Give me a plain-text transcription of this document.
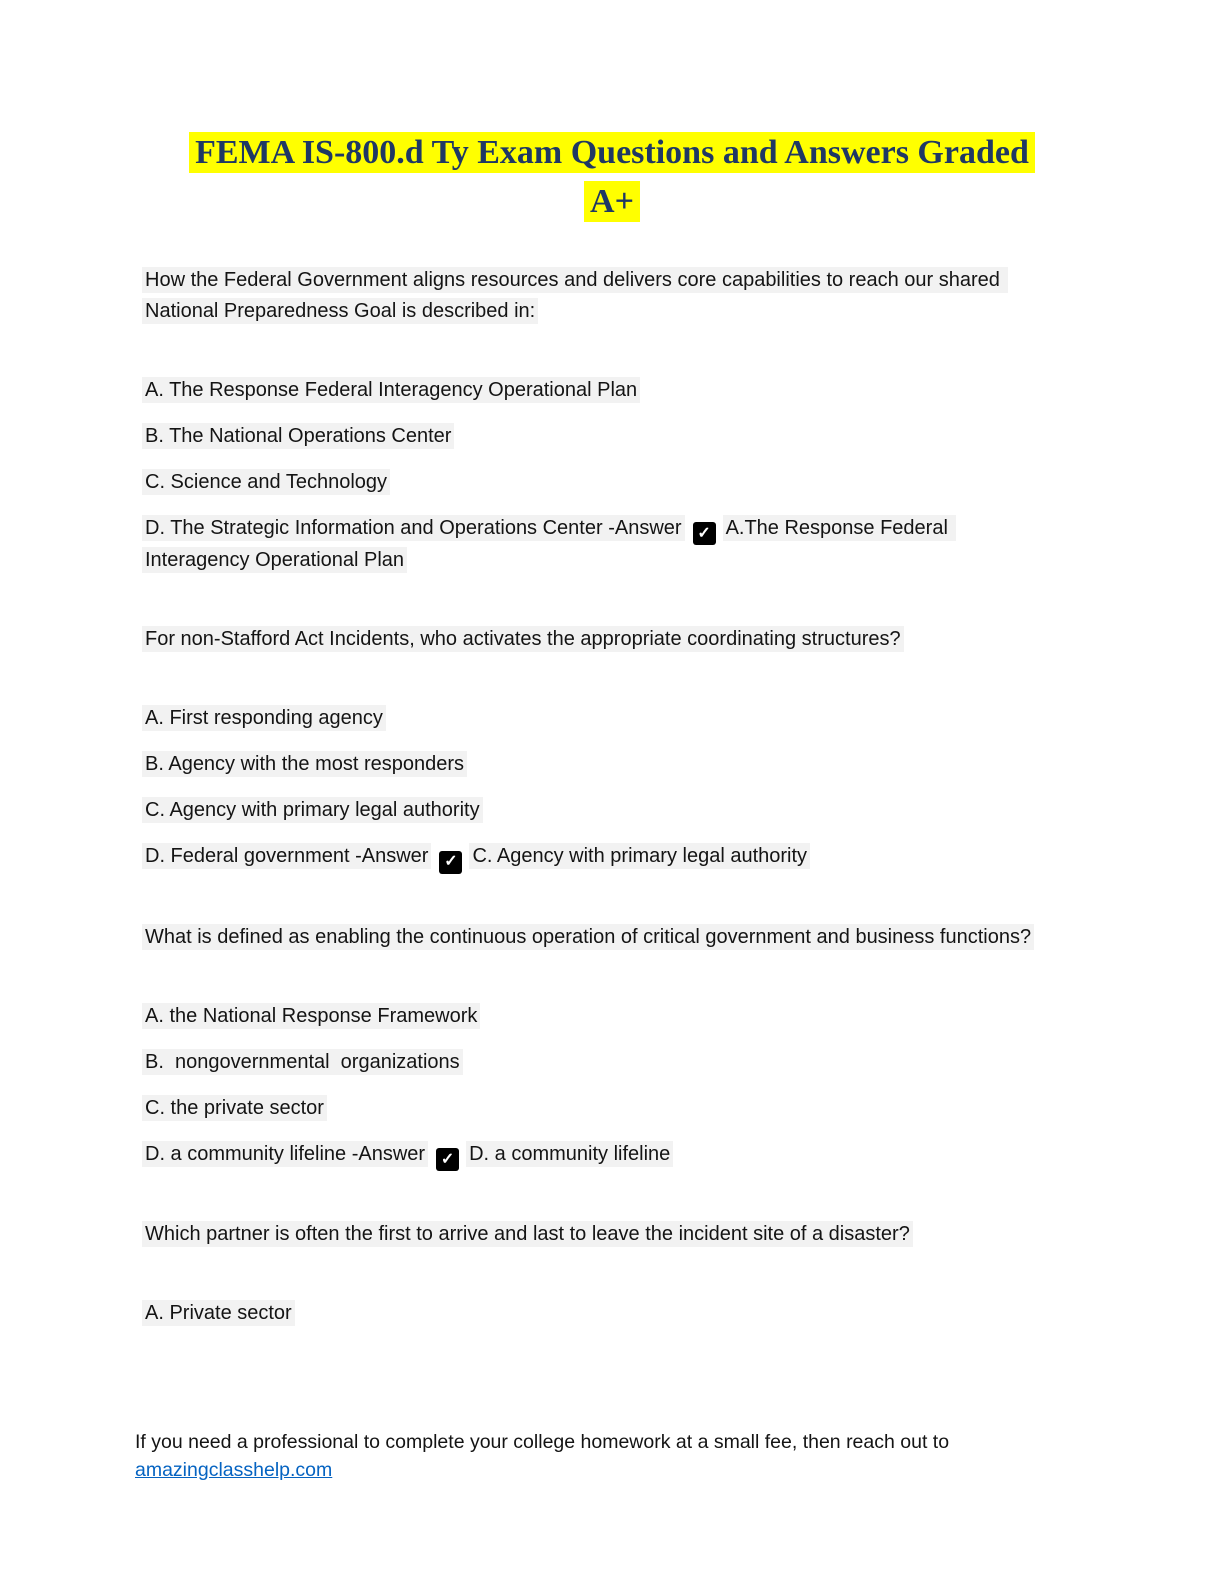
FEMA IS-800.d Ty Exam Questions and Answers Graded
A+

How the Federal Government aligns resources and delivers core capabilities to reach our shared National Preparedness Goal is described in:

A. The Response Federal Interagency Operational Plan

B. The National Operations Center

C. Science and Technology

D. The Strategic Information and Operations Center -Answer ✓ A.The Response Federal Interagency Operational Plan

For non-Stafford Act Incidents, who activates the appropriate coordinating structures?

A. First responding agency

B. Agency with the most responders

C. Agency with primary legal authority

D. Federal government -Answer ✓ C. Agency with primary legal authority

What is defined as enabling the continuous operation of critical government and business functions?

A. the National Response Framework

B.  nongovernmental  organizations

C. the private sector

D. a community lifeline -Answer ✓ D. a community lifeline

Which partner is often the first to arrive and last to leave the incident site of a disaster?

A. Private sector

If you need a professional to complete your college homework at a small fee, then reach out to
amazingclasshelp.com
